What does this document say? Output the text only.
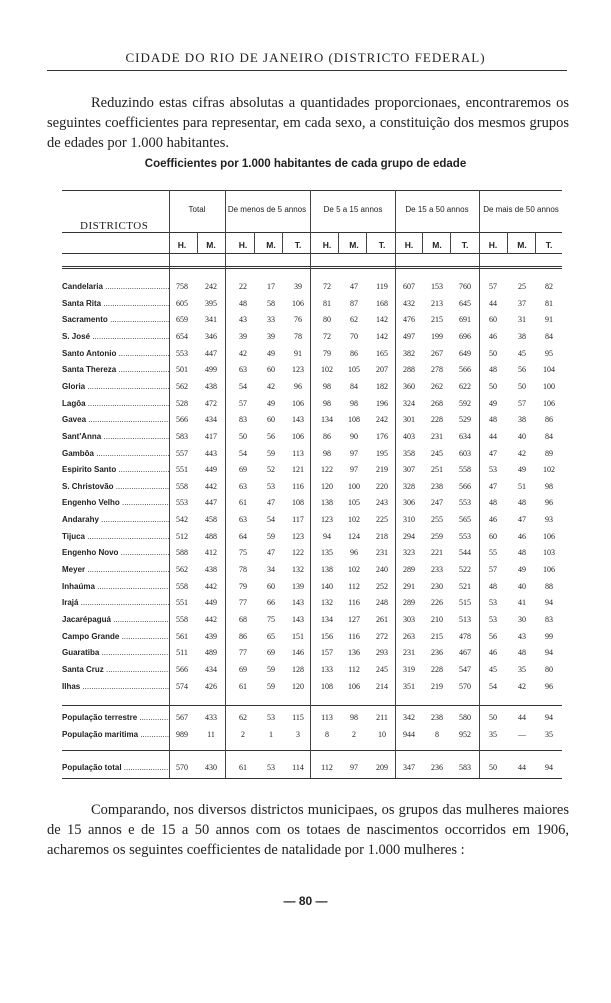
CIDADE DO RIO DE JANEIRO (DISTRICTO FEDERAL)
Reduzindo estas cifras absolutas a quantidades proporcionaes, encontraremos os seguintes coefficientes para representar, em cada sexo, a constituição dos mesmos grupos de edades por 1.000 habitantes.
Coefficientes por 1.000 habitantes de cada grupo de edade
DISTRICTOS
Total	De menos de 5 annos	De 5 a 15 annos	De 15 a 50 annos	De mais de 50 annos
H.	M.	H.	M.	T.	H.	M.	T.	H.	M.	T.	H.	M.	T.
Candelaria .....	758	242	22	17	39	72	47	119	607	153	760	57	25	82
Santa Rita .....	605	395	48	58	106	81	87	168	432	213	645	44	37	81
Sacramento .....	659	341	43	33	76	80	62	142	476	215	691	60	31	91
S. José .....	654	346	39	39	78	72	70	142	497	199	696	46	38	84
Santo Antonio .....	553	447	42	49	91	79	86	165	382	267	649	50	45	95
Santa Thereza .....	501	499	63	60	123	102	105	207	288	278	566	48	56	104
Gloria .....	562	438	54	42	96	98	84	182	360	262	622	50	50	100
Lagôa .....	528	472	57	49	106	98	98	196	324	268	592	49	57	106
Gavea .....	566	434	83	60	143	134	108	242	301	228	529	48	38	86
Sant'Anna .....	583	417	50	56	106	86	90	176	403	231	634	44	40	84
Gambôa .....	557	443	54	59	113	98	97	195	358	245	603	47	42	89
Espirito Santo .....	551	449	69	52	121	122	97	219	307	251	558	53	49	102
S. Christovão .....	558	442	63	53	116	120	100	220	328	238	566	47	51	98
Engenho Velho .....	553	447	61	47	108	138	105	243	306	247	553	48	48	96
Andarahy .....	542	458	63	54	117	123	102	225	310	255	565	46	47	93
Tijuca .....	512	488	64	59	123	94	124	218	294	259	553	60	46	106
Engenho Novo .....	588	412	75	47	122	135	96	231	323	221	544	55	48	103
Meyer .....	562	438	78	34	132	138	102	240	289	233	522	57	49	106
Inhaúma .....	558	442	79	60	139	140	112	252	291	230	521	48	40	88
Irajá .....	551	449	77	66	143	132	116	248	289	226	515	53	41	94
Jacarépaguá .....	558	442	68	75	143	134	127	261	303	210	513	53	30	83
Campo Grande .....	561	439	86	65	151	156	116	272	263	215	478	56	43	99
Guaratiba .....	511	489	77	69	146	157	136	293	231	236	467	46	48	94
Santa Cruz .....	566	434	69	59	128	133	112	245	319	228	547	45	35	80
Ilhas .....	574	426	61	59	120	108	106	214	351	219	570	54	42	96
População terrestre .....	567	433	62	53	115	113	98	211	342	238	580	50	44	94
População maritima .....	989	11	2	1	3	8	2	10	944	8	952	35	—	35
População total .....	570	430	61	53	114	112	97	209	347	236	583	50	44	94
Comparando, nos diversos districtos municipaes, os grupos das mulheres maiores de 15 annos e de 15 a 50 annos com os totaes de nascimentos occorridos em 1906, acharemos os seguintes coefficientes de natalidade por 1.000 mulheres :
— 80 —
